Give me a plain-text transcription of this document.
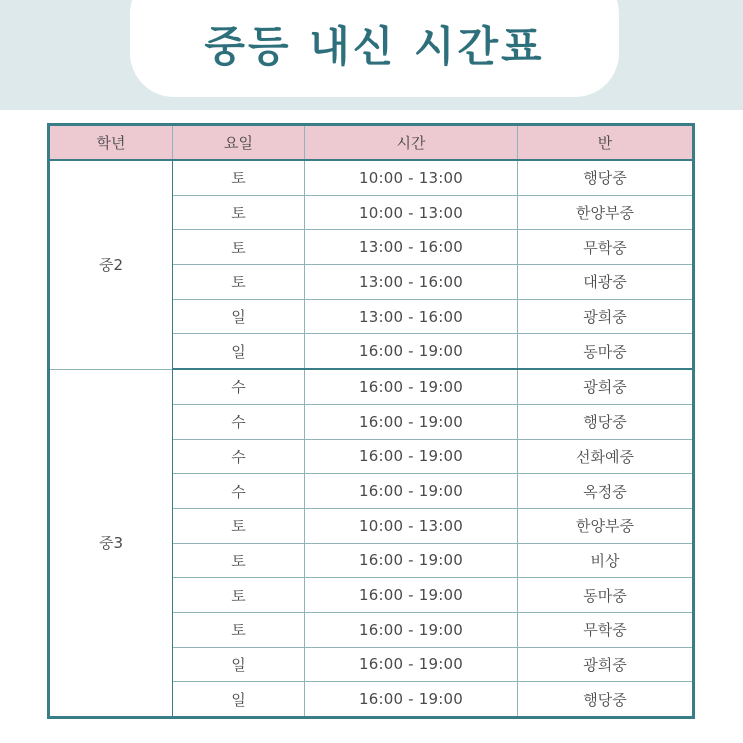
중등 내신 시간표
학년	요일	시간	반
중2	토	10:00 - 13:00	행당중
	토	10:00 - 13:00	한양부중
	토	13:00 - 16:00	무학중
	토	13:00 - 16:00	대광중
	일	13:00 - 16:00	광희중
	일	16:00 - 19:00	동마중
중3	수	16:00 - 19:00	광희중
	수	16:00 - 19:00	행당중
	수	16:00 - 19:00	선화예중
	수	16:00 - 19:00	옥정중
	토	10:00 - 13:00	한양부중
	토	16:00 - 19:00	비상
	토	16:00 - 19:00	동마중
	토	16:00 - 19:00	무학중
	일	16:00 - 19:00	광희중
	일	16:00 - 19:00	행당중
